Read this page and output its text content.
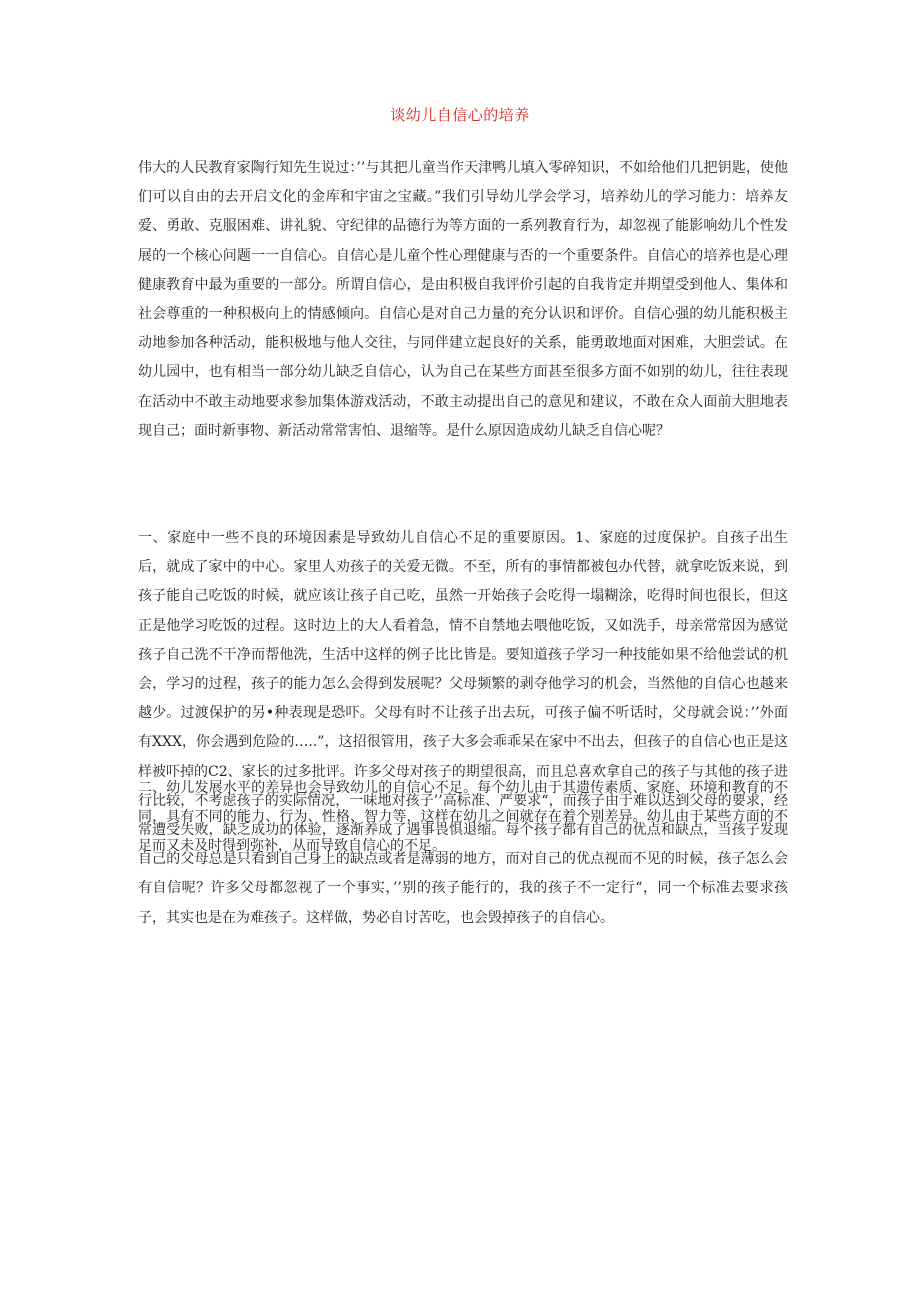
谈幼儿自信心的培养

伟大的人民教育家陶行知先生说过：’’与其把儿童当作天津鸭儿填入零碎知识，不如给他们几把钥匙，使他们可以自由的去开启文化的金库和宇宙之宝藏。”我们引导幼儿学会学习，培养幼儿的学习能力：培养友爱、勇敢、克服困难、讲礼貌、守纪律的品德行为等方面的一系列教育行为，却忽视了能影响幼儿个性发展的一个核心问题一一自信心。自信心是儿童个性心理健康与否的一个重要条件。自信心的培养也是心理健康教育中最为重要的一部分。所谓自信心，是由积极自我评价引起的自我肯定并期望受到他人、集体和社会尊重的一种积极向上的情感倾向。自信心是对自己力量的充分认识和评价。自信心强的幼儿能积极主动地参加各种活动，能积极地与他人交往，与同伴建立起良好的关系，能勇敢地面对困难，大胆尝试。在幼儿园中，也有相当一部分幼儿缺乏自信心，认为自己在某些方面甚至很多方面不如别的幼儿，往往表现在活动中不敢主动地要求参加集体游戏活动，不敢主动提出自己的意见和建议，不敢在众人面前大胆地表现自己；面时新事物、新活动常常害怕、退缩等。是什么原因造成幼儿缺乏自信心呢？

一、家庭中一些不良的环境因素是导致幼儿自信心不足的重要原因。1、家庭的过度保护。自孩子出生后，就成了家中的中心。家里人劝孩子的关爱无微。不至，所有的事情都被包办代替，就拿吃饭来说，到孩子能自己吃饭的时候，就应该让孩子自己吃，虽然一开始孩子会吃得一塌糊涂，吃得时间也很长，但这正是他学习吃饭的过程。这时边上的大人看着急，情不自禁地去喂他吃饭，又如洗手，母亲常常因为感觉孩子自己洗不干净而帮他洗，生活中这样的例子比比皆是。要知道孩子学习一种技能如果不给他尝试的机会，学习的过程，孩子的能力怎么会得到发展呢？父母频繁的剥夺他学习的机会，当然他的自信心也越来越少。过渡保护的另•种表现是恐吓。父母有时不让孩子出去玩，可孩子偏不听话时，父母就会说：’’外面有XXX，你会遇到危险的…..”，这招很管用，孩子大多会乖乖呆在家中不出去，但孩子的自信心也正是这样被吓掉的C2、家长的过多批评。许多父母对孩子的期望很高，而且总喜欢拿自己的孩子与其他的孩子进行比较，不考虑孩子的实际情况，一味地对孩子’’高标准、严要求“，而孩子由于难以达到父母的要求，经常遭受失败，缺乏成功的体验，逐渐养成了遇事畏惧退缩。每个孩子都有自己的优点和缺点，当孩子发现自己的父母总是只看到自己身上的缺点或者是薄弱的地方，而对自己的优点视而不见的时候，孩子怎么会有自信呢？许多父母都忽视了一个事实，’’别的孩子能行的，我的孩子不一定行“，同一个标准去要求孩子，其实也是在为难孩子。这样做，势必自讨苦吃，也会毁掉孩子的自信心。

二、幼儿发展水平的差异也会导致幼儿的自信心不足。每个幼儿由于其遗传素质、家庭、环境和教育的不同，具有不同的能力、行为、性格、智力等，这样在幼儿之间就存在着个别差异。幼儿由于某些方面的不足而又未及时得到弥补，从而导致自信心的不足。
